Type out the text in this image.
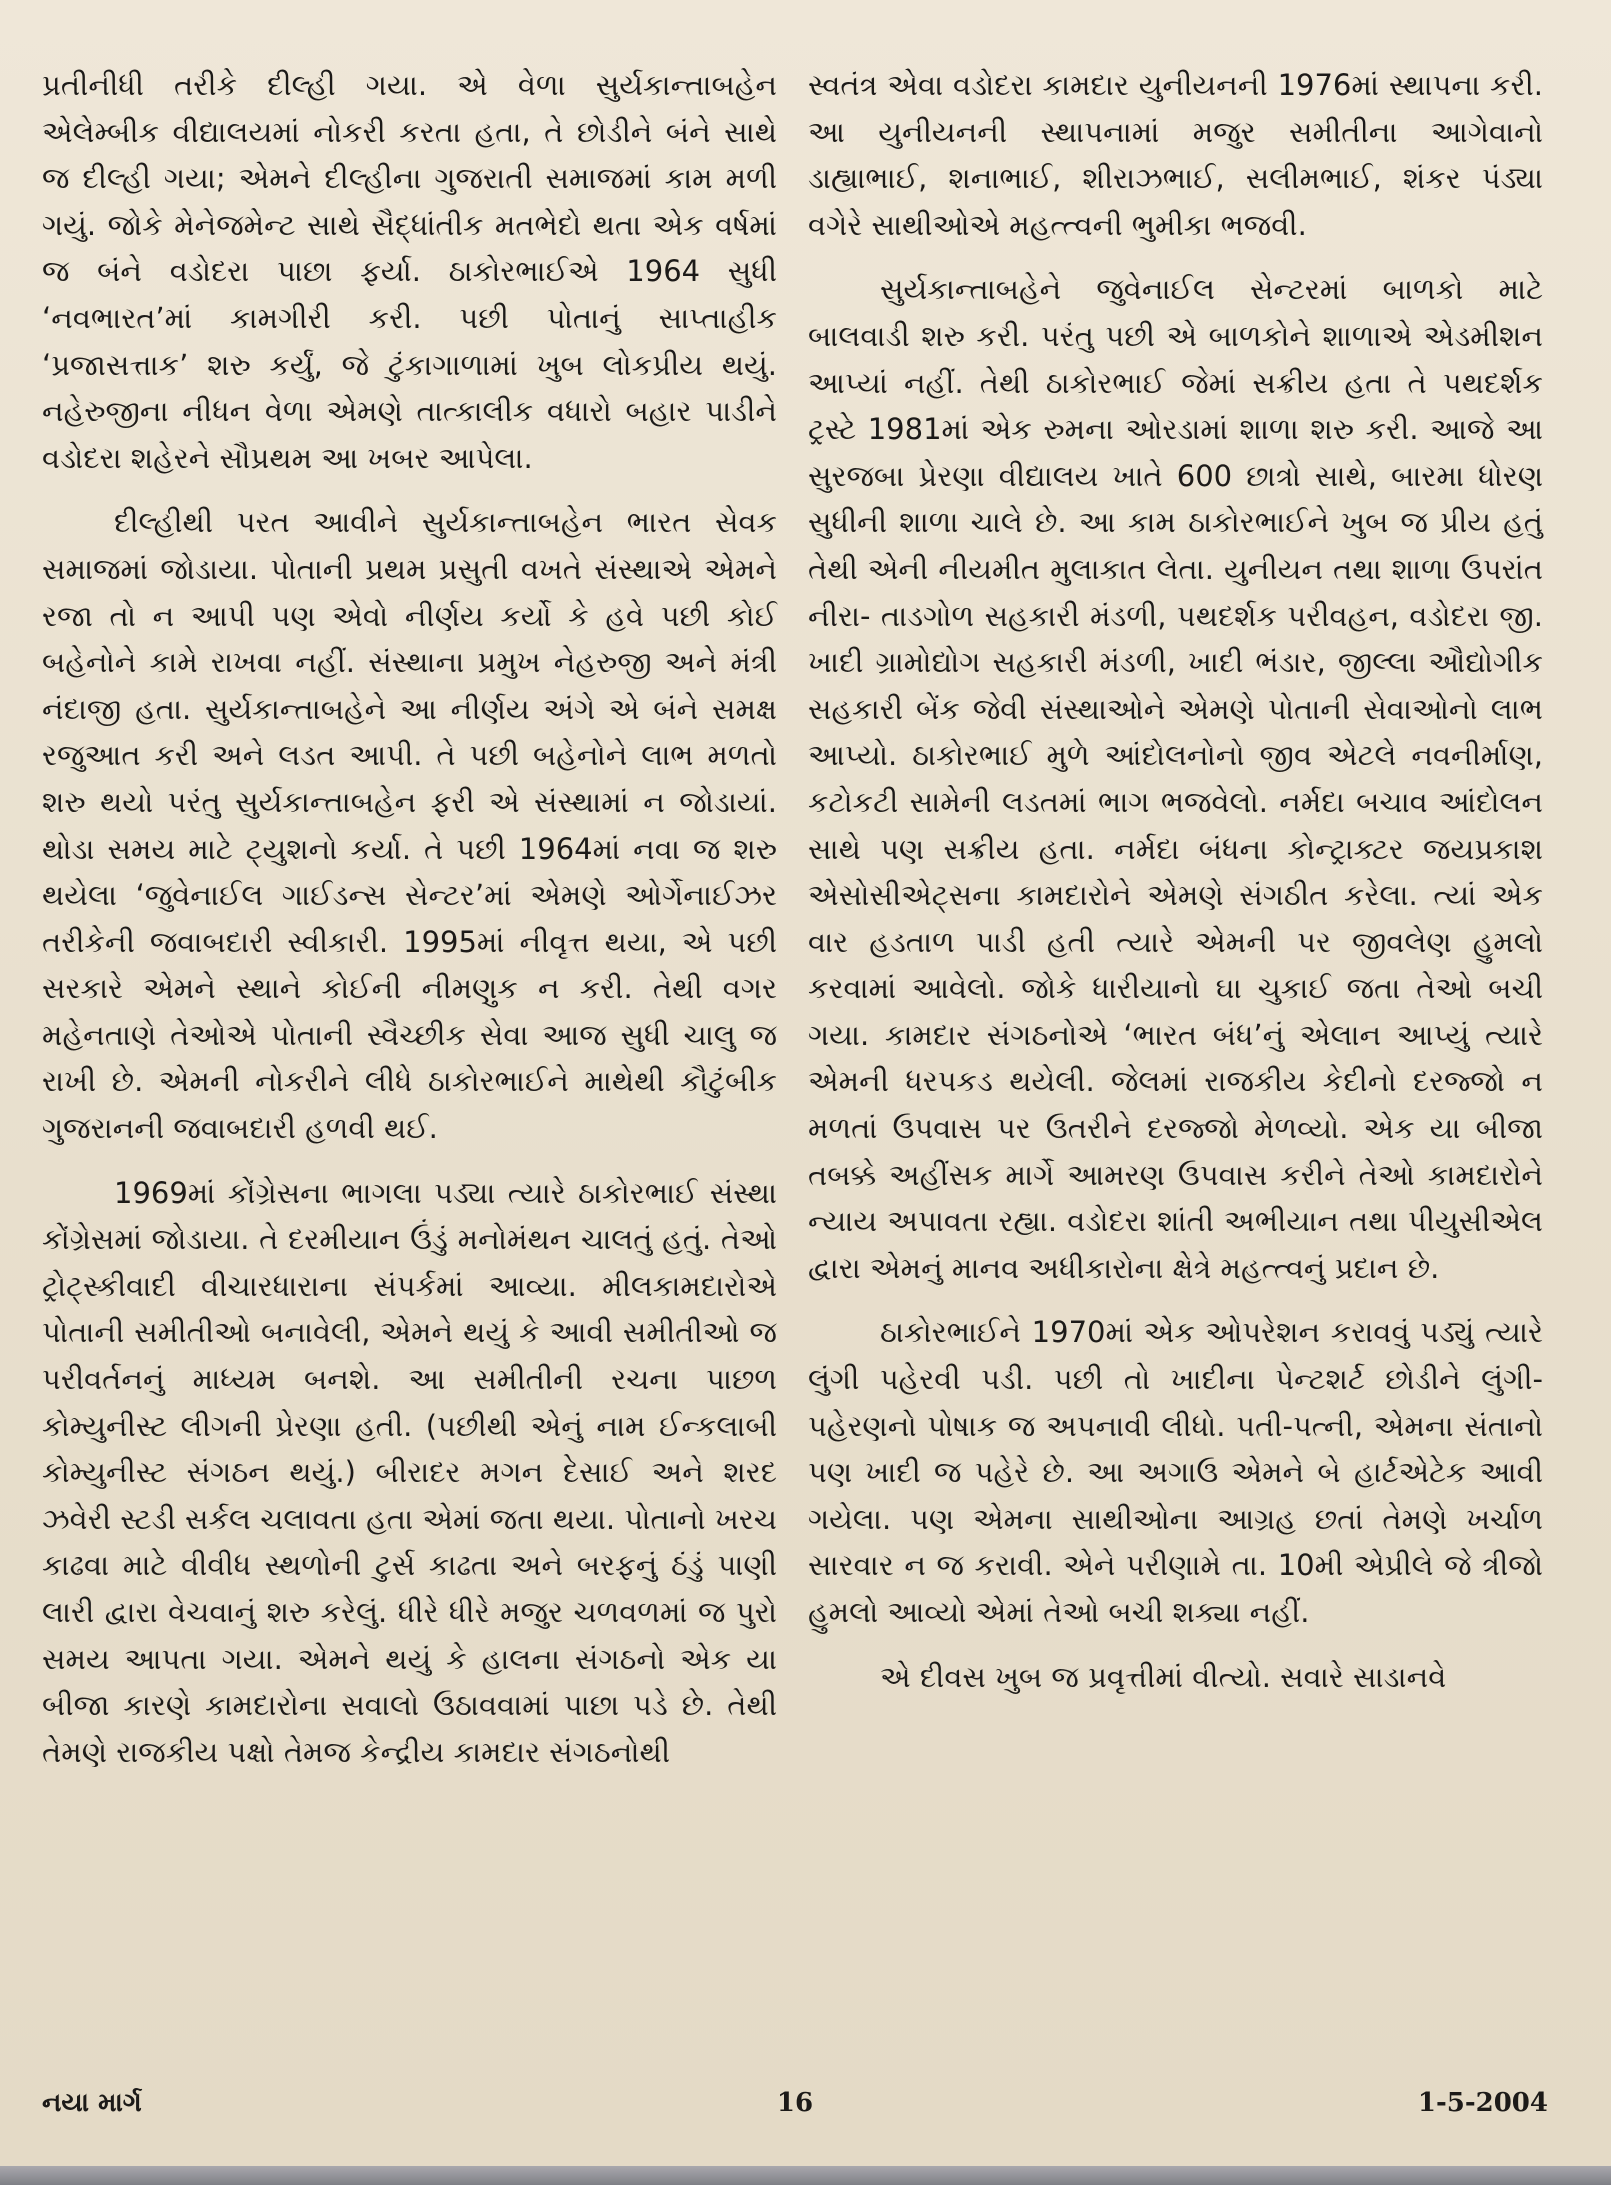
પ્રતીનીધી તરીકે દીલ્હી ગયા. એ વેળા સુર્યકાન્તાબહેન એલેમ્બીક વીદ્યાલયમાં નોકરી કરતા હતા, તે છોડીને બંને સાથે જ દીલ્હી ગયા; એમને દીલ્હીના ગુજરાતી સમાજમાં કામ મળી ગયું. જોકે મેનેજમેન્ટ સાથે સૈદ્ધાંતીક મતભેદો થતા એક વર્ષમાં જ બંને વડોદરા પાછા ફર્યા. ઠાકોરભાઈએ 1964 સુધી ‘નવભારત’માં કામગીરી કરી. પછી પોતાનું સાપ્તાહીક ‘પ્રજાસત્તાક’ શરુ કર્યું, જે ટુંકાગાળામાં ખુબ લોકપ્રીય થયું. નહેરુજીના નીધન વેળા એમણે તાત્કાલીક વધારો બહાર પાડીને વડોદરા શહેરને સૌપ્રથમ આ ખબર આપેલા.

દીલ્હીથી પરત આવીને સુર્યકાન્તાબહેન ભારત સેવક સમાજમાં જોડાયા. પોતાની પ્રથમ પ્રસુતી વખતે સંસ્થાએ એમને રજા તો ન આપી પણ એવો નીર્ણય કર્યો કે હવે પછી કોઈ બહેનોને કામે રાખવા નહીં. સંસ્થાના પ્રમુખ નેહરુજી અને મંત્રી નંદાજી હતા. સુર્યકાન્તાબહેને આ નીર્ણય અંગે એ બંને સમક્ષ રજુઆત કરી અને લડત આપી. તે પછી બહેનોને લાભ મળતો શરુ થયો પરંતુ સુર્યકાન્તાબહેન ફરી એ સંસ્થામાં ન જોડાયાં. થોડા સમય માટે ટ્યુશનો કર્યા. તે પછી 1964માં નવા જ શરુ થયેલા ‘જુવેનાઈલ ગાઈડન્સ સેન્ટર’માં એમણે ઓર્ગેનાઈઝર તરીકેની જવાબદારી સ્વીકારી. 1995માં નીવૃત્ત થયા, એ પછી સરકારે એમને સ્થાને કોઈની નીમણુક ન કરી. તેથી વગર મહેનતાણે તેઓએ પોતાની સ્વૈચ્છીક સેવા આજ સુધી ચાલુ જ રાખી છે. એમની નોકરીને લીધે ઠાકોરભાઈને માથેથી કૌટુંબીક ગુજરાનની જવાબદારી હળવી થઈ.

1969માં કોંગ્રેસના ભાગલા પડ્યા ત્યારે ઠાકોરભાઈ સંસ્થા કોંગ્રેસમાં જોડાયા. તે દરમીયાન ઉંડું મનોમંથન ચાલતું હતું. તેઓ ટ્રોટ્સ્કીવાદી વીચારધારાના સંપર્કમાં આવ્યા. મીલકામદારોએ પોતાની સમીતીઓ બનાવેલી, એમને થયું કે આવી સમીતીઓ જ પરીવર્તનનું માધ્યમ બનશે. આ સમીતીની રચના પાછળ કોમ્યુનીસ્ટ લીગની પ્રેરણા હતી. (પછીથી એનું નામ ઈન્કલાબી કોમ્યુનીસ્ટ સંગઠન થયું.) બીરાદર મગન દેસાઈ અને શરદ ઝવેરી સ્ટડી સર્કલ ચલાવતા હતા એમાં જતા થયા. પોતાનો ખરચ કાઢવા માટે વીવીધ સ્થળોની ટુર્સ કાઢતા અને બરફનું ઠંડું પાણી લારી દ્વારા વેચવાનું શરુ કરેલું. ધીરે ધીરે મજુર ચળવળમાં જ પુરો સમય આપતા ગયા. એમને થયું કે હાલના સંગઠનો એક યા બીજા કારણે કામદારોના સવાલો ઉઠાવવામાં પાછા પડે છે. તેથી તેમણે રાજકીય પક્ષો તેમજ કેન્દ્રીય કામદાર સંગઠનોથી

સ્વતંત્ર એવા વડોદરા કામદાર યુનીયનની 1976માં સ્થાપના કરી. આ યુનીયનની સ્થાપનામાં મજુર સમીતીના આગેવાનો ડાહ્યાભાઈ, શનાભાઈ, શીરાઝભાઈ, સલીમભાઈ, શંકર પંડ્યા વગેરે સાથીઓએ મહત્ત્વની ભુમીકા ભજવી.

સુર્યકાન્તાબહેને જુવેનાઈલ સેન્ટરમાં બાળકો માટે બાલવાડી શરુ કરી. પરંતુ પછી એ બાળકોને શાળાએ એડમીશન આપ્યાં નહીં. તેથી ઠાકોરભાઈ જેમાં સક્રીય હતા તે પથદર્શક ટ્રસ્ટે 1981માં એક રુમના ઓરડામાં શાળા શરુ કરી. આજે આ સુરજબા પ્રેરણા વીદ્યાલય ખાતે 600 છાત્રો સાથે, બારમા ધોરણ સુધીની શાળા ચાલે છે. આ કામ ઠાકોરભાઈને ખુબ જ પ્રીય હતું તેથી એની નીયમીત મુલાકાત લેતા. યુનીયન તથા શાળા ઉપરાંત નીરા- તાડગોળ સહકારી મંડળી, પથદર્શક પરીવહન, વડોદરા જી. ખાદી ગ્રામોદ્યોગ સહકારી મંડળી, ખાદી ભંડાર, જીલ્લા ઔદ્યોગીક સહકારી બેંક જેવી સંસ્થાઓને એમણે પોતાની સેવાઓનો લાભ આપ્યો. ઠાકોરભાઈ મુળે આંદોલનોનો જીવ એટલે નવનીર્માણ, કટોકટી સામેની લડતમાં ભાગ ભજવેલો. નર્મદા બચાવ આંદોલન સાથે પણ સક્રીય હતા. નર્મદા બંધના કોન્ટ્રાક્ટર જયપ્રકાશ એસોસીએટ્સના કામદારોને એમણે સંગઠીત કરેલા. ત્યાં એક વાર હડતાળ પાડી હતી ત્યારે એમની પર જીવલેણ હુમલો કરવામાં આવેલો. જોકે ધારીયાનો ઘા ચુકાઈ જતા તેઓ બચી ગયા. કામદાર સંગઠનોએ ‘ભારત બંધ’નું એલાન આપ્યું ત્યારે એમની ધરપકડ થયેલી. જેલમાં રાજકીય કેદીનો દરજ્જો ન મળતાં ઉપવાસ પર ઉતરીને દરજ્જો મેળવ્યો. એક યા બીજા તબક્કે અહીંસક માર્ગે આમરણ ઉપવાસ કરીને તેઓ કામદારોને ન્યાય અપાવતા રહ્યા. વડોદરા શાંતી અભીયાન તથા પીયુસીએલ દ્વારા એમનું માનવ અધીકારોના ક્ષેત્રે મહત્ત્વનું પ્રદાન છે.

ઠાકોરભાઈને 1970માં એક ઓપરેશન કરાવવું પડ્યું ત્યારે લુંગી પહેરવી પડી. પછી તો ખાદીના પેન્ટશર્ટ છોડીને લુંગી-પહેરણનો પોષાક જ અપનાવી લીધો. પતી-પત્ની, એમના સંતાનો પણ ખાદી જ પહેરે છે. આ અગાઉ એમને બે હાર્ટએટેક આવી ગયેલા. પણ એમના સાથીઓના આગ્રહ છતાં તેમણે ખર્ચાળ સારવાર ન જ કરાવી. એને પરીણામે તા. 10મી એપ્રીલે જે ત્રીજો હુમલો આવ્યો એમાં તેઓ બચી શક્યા નહીં.

એ દીવસ ખુબ જ પ્રવૃત્તીમાં વીત્યો. સવારે સાડાનવે

નયા માર્ગ	16	1-5-2004
